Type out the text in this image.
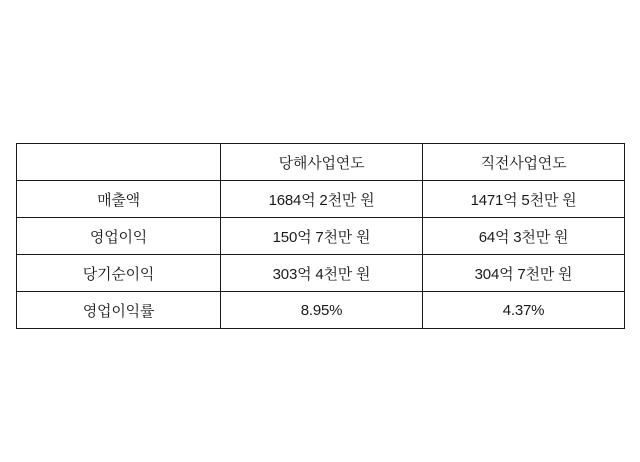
	당해사업연도	직전사업연도
매출액	1684억 2천만 원	1471억 5천만 원
영업이익	150억 7천만 원	64억 3천만 원
당기순이익	303억 4천만 원	304억 7천만 원
영업이익률	8.95%	4.37%
